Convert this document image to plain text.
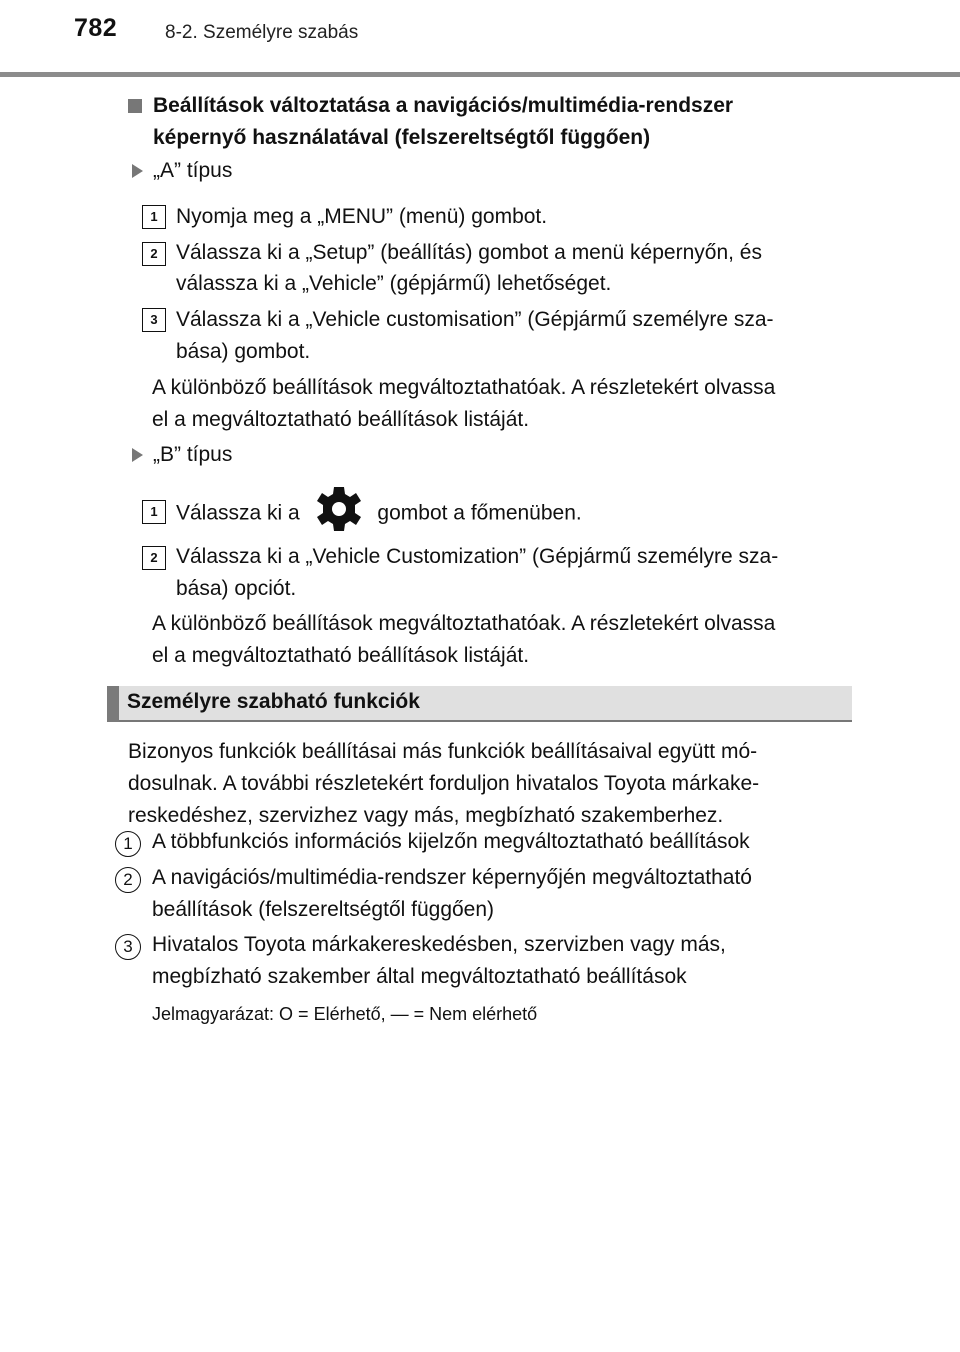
782	8-2. Személyre szabás
Beállítások változtatása a navigációs/multimédia-rendszer
képernyő használatával (felszereltségtől függően)
„A” típus
1 Nyomja meg a „MENU” (menü) gombot.
2 Válassza ki a „Setup” (beállítás) gombot a menü képernyőn, és
válassza ki a „Vehicle” (gépjármű) lehetőséget.
3 Válassza ki a „Vehicle customisation” (Gépjármű személyre sza-
bása) gombot.
A különböző beállítások megváltoztathatóak. A részletekért olvassa
el a megváltoztatható beállítások listáját.
„B” típus
1 Válassza ki a	gombot a főmenüben.
2 Válassza ki a „Vehicle Customization” (Gépjármű személyre sza-
bása) opciót.
A különböző beállítások megváltoztathatóak. A részletekért olvassa
el a megváltoztatható beállítások listáját.
Személyre szabható funkciók
Bizonyos funkciók beállításai más funkciók beállításaival együtt mó-
dosulnak. A további részletekért forduljon hivatalos Toyota márkake-
reskedéshez, szervizhez vagy más, megbízható szakemberhez.
1 A többfunkciós információs kijelzőn megváltoztatható beállítások
2 A navigációs/multimédia-rendszer képernyőjén megváltoztatható
beállítások (felszereltségtől függően)
3 Hivatalos Toyota márkakereskedésben, szervizben vagy más,
megbízható szakember által megváltoztatható beállítások
Jelmagyarázat: O = Elérhető, — = Nem elérhető
